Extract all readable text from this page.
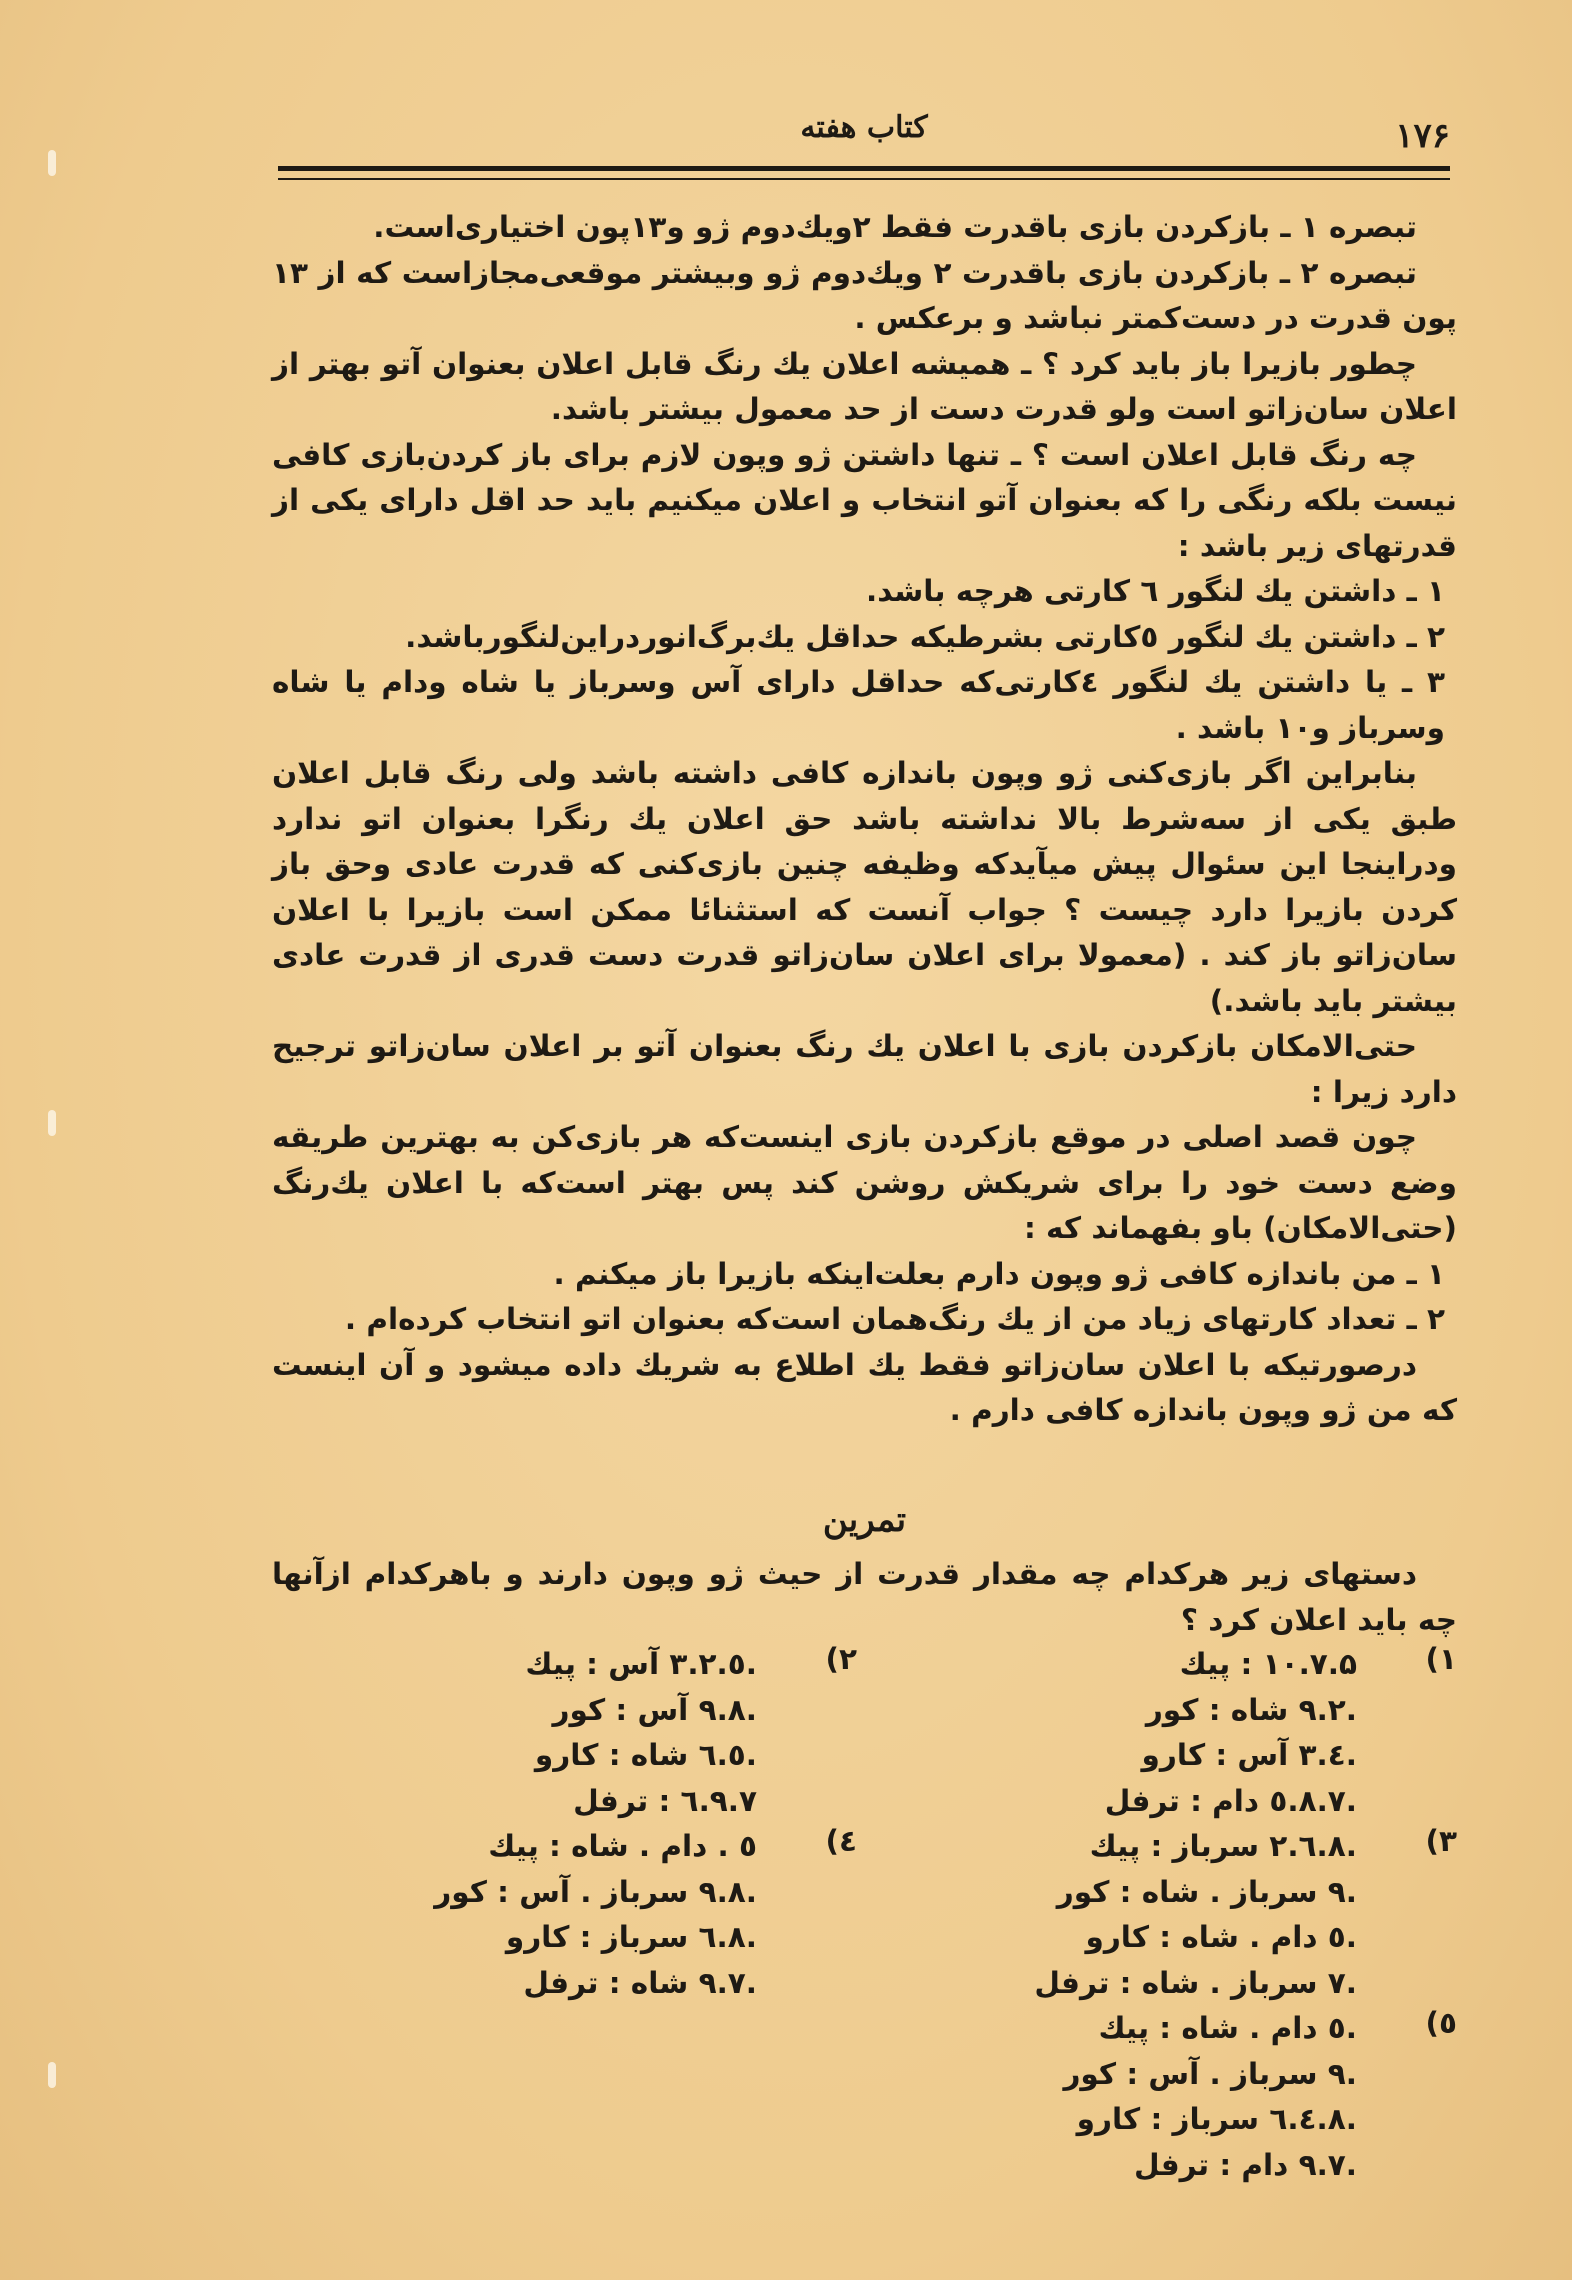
۱۷۶
کتاب هفته

تبصره ۱ ـ بازکردن بازی باقدرت فقط ۲ویك‌دوم ژو و۱۳پون اختیاری‌است.

تبصره ۲ ـ بازکردن بازی باقدرت ۲ ویك‌دوم ژو وبیشتر موقعی‌مجازاست که از ۱۳ پون قدرت در دست‌کمتر نباشد و برعکس .

چطور بازیرا باز باید کرد ؟ ـ همیشه اعلان یك رنگ قابل اعلان بعنوان آتو بهتر از اعلان سان‌زاتو است ولو قدرت دست از حد معمول بیشتر باشد.

چه رنگ قابل اعلان است ؟ ـ تنها داشتن ژو وپون لازم برای باز کردن‌بازی کافی نیست بلکه رنگی را که بعنوان آتو انتخاب و اعلان میکنیم باید حد اقل دارای یکی از قدرتهای زیر باشد :

۱ ـ داشتن یك لنگور ٦ کارتی هرچه باشد.

۲ ـ داشتن یك لنگور ٥کارتی بشرطیکه حداقل یك‌برگ‌انوردراین‌لنگورباشد.

۳ ـ یا داشتن یك لنگور ٤کارتی‌که حداقل دارای آس وسرباز یا شاه ودام یا شاه وسرباز و۱۰ باشد .

بنابراین اگر بازی‌کنی ژو وپون باندازه کافی داشته باشد ولی رنگ قابل اعلان طبق یکی از سه‌شرط بالا نداشته باشد حق اعلان یك رنگرا بعنوان اتو ندارد ودراینجا این سئوال پیش میآیدکه وظیفه چنین بازی‌کنی که قدرت عادی وحق باز کردن بازیرا دارد چیست ؟ جواب آنست که استثنائا ممکن است بازیرا با اعلان سان‌زاتو باز کند . (معمولا برای اعلان سان‌زاتو قدرت دست قدری از قدرت عادی بیشتر باید باشد.)

حتی‌الامکان بازکردن بازی با اعلان یك رنگ بعنوان آتو بر اعلان سان‌زاتو ترجیح دارد زیرا :

چون قصد اصلی در موقع بازکردن بازی اینست‌که هر بازی‌کن به بهترین طریقه وضع دست خود را برای شریکش روشن کند پس بهتر است‌که با اعلان یك‌رنگ (حتی‌الامکان) باو بفهماند که :

۱ ـ من باندازه کافی ژو وپون دارم بعلت‌اینکه بازیرا باز میکنم .

۲ ـ تعداد کارتهای زیاد من از یك رنگ‌همان است‌که بعنوان اتو انتخاب کرده‌ام .

درصورتیکه با اعلان سان‌زاتو فقط یك اطلاع به شریك داده میشود و آن اینست که من ژو وپون باندازه کافی دارم .

تمرین

دستهای زیر هرکدام چه مقدار قدرت از حیث ژو وپون دارند و باهرکدام ازآنها چه باید اعلان کرد ؟

۱)
۱۰.۷.۵ : پیك
.۹.۲ شاه : کور
.٤.۳ آس : کارو
.۸.۷.٥ دام : ترفل
۲)
.٥.۳.۲ آس : پیك
.۹.۸ آس : کور
.٦.٥ شاه : کارو
۹.۷.٦ : ترفل
۳)
.۸.٦.۲ سرباز : پیك
.۹ سرباز . شاه : کور
.٥ دام . شاه : کارو
.۷ سرباز . شاه : ترفل
٤)
٥ . دام . شاه : پیك
.۹.۸ سرباز . آس : کور
.۸.٦ سرباز : کارو
.۹.۷ شاه : ترفل
٥)
.٥ دام . شاه : پیك
.۹ سرباز . آس : کور
.۸.٦.٤ سرباز : کارو
.۹.۷ دام : ترفل
